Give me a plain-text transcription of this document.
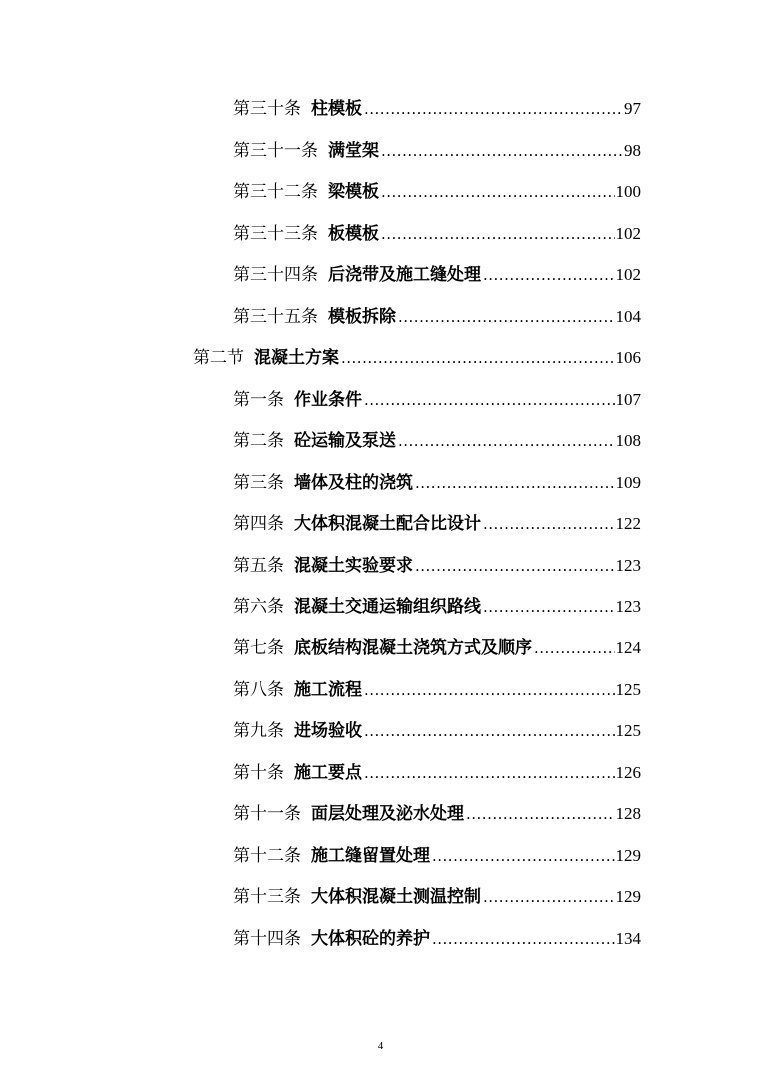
第三十条 柱模板 .....	97
第三十一条 满堂架 .....	98
第三十二条 梁模板 .....	100
第三十三条 板模板 .....	102
第三十四条 后浇带及施工缝处理 .....	102
第三十五条 模板拆除 .....	104
第二节 混凝土方案 .....	106
第一条 作业条件 .....	107
第二条 砼运输及泵送 .....	108
第三条 墙体及柱的浇筑 .....	109
第四条 大体积混凝土配合比设计 .....	122
第五条 混凝土实验要求 .....	123
第六条 混凝土交通运输组织路线 .....	123
第七条 底板结构混凝土浇筑方式及顺序 .....	124
第八条 施工流程 .....	125
第九条 进场验收 .....	125
第十条 施工要点 .....	126
第十一条 面层处理及泌水处理 .....	128
第十二条 施工缝留置处理 .....	129
第十三条 大体积混凝土测温控制 .....	129
第十四条 大体积砼的养护 .....	134
4
